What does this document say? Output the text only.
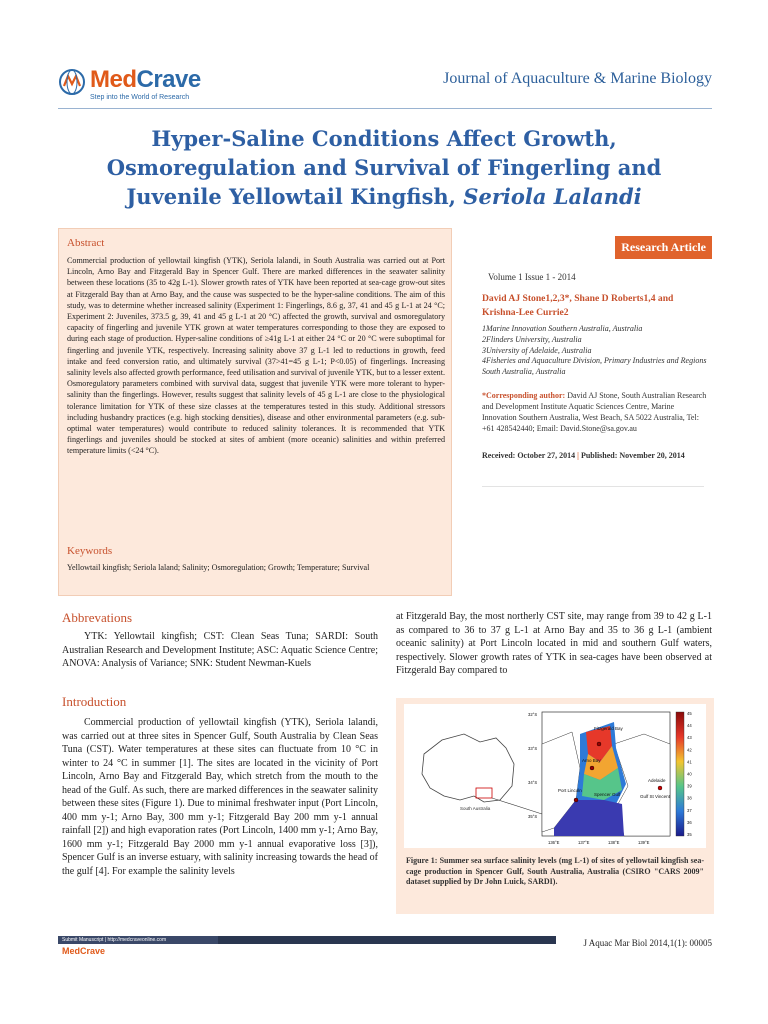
MedCrave
Step into the World of Research
Journal of Aquaculture & Marine Biology
Hyper-Saline Conditions Affect Growth, Osmoregulation and Survival of Fingerling and Juvenile Yellowtail Kingfish, Seriola Lalandi
Abstract
Commercial production of yellowtail kingfish (YTK), Seriola lalandi, in South Australia was carried out at Port Lincoln, Arno Bay and Fitzgerald Bay in Spencer Gulf. There are marked differences in the seawater salinity between these locations (35 to 42g L-1). Slower growth rates of YTK have been reported at sea-cage grow-out sites at Fitzgerald Bay than at Arno Bay, and the cause was suspected to be the hyper-saline conditions. The aim of this study, was to determine whether increased salinity (Experiment 1: Fingerlings, 8.6 g, 37, 41 and 45 g L-1 at 24 °C; Experiment 2: Juveniles, 373.5 g, 39, 41 and 45 g L-1 at 20 °C) affected the growth, survival and osmoregulatory capacity of fingerling and juvenile YTK grown at water temperatures corresponding to those they are exposed to during each stage of production. Hyper-saline conditions of ≥41g L-1 at either 24 °C or 20 °C were suboptimal for fingerling and juvenile YTK, respectively. Increasing salinity above 37 g L-1 led to reductions in growth, feed intake and feed conversion ratio, and ultimately survival (37>41=45 g L-1; P<0.05) of fingerlings. Increasing salinity levels also affected growth performance, feed utilisation and survival of juvenile YTK, but to a lesser extent. Osmoregulatory parameters combined with survival data, suggest that juvenile YTK were more tolerant to hyper-salinity than the fingerlings. However, results suggest that salinity levels of 45 g L-1 are close to the physiological tolerance limitation for YTK of these size classes at the temperatures tested in this study. Additional stressors including husbandry practices (e.g. high stocking densities), disease and other environmental parameters (e.g. sub-optimal water temperatures) would contribute to reduced salinity tolerances. It is recommended that YTK fingerlings and juveniles should be stocked at sites of ambient (more oceanic) salinities and within preferred temperature limits (<24 °C).
Keywords
Yellowtail kingfish; Seriola laland; Salinity; Osmoregulation; Growth; Temperature; Survival
Research Article
Volume 1 Issue 1 - 2014
David AJ Stone1,2,3*, Shane D Roberts1,4 and Krishna-Lee Currie2
1Marine Innovation Southern Australia, Australia
2Flinders University, Australia
3University of Adelaide, Australia
4Fisheries and Aquaculture Division, Primary Industries and Regions South Australia, Australia
*Corresponding author: David AJ Stone, South Australian Research and Development Institute Aquatic Sciences Centre, Marine Innovation Southern Australia, West Beach, SA 5022 Australia, Tel: +61 428542440; Email: David.Stone@sa.gov.au
Received: October 27, 2014 | Published: November 20, 2014
Abbrevations
YTK: Yellowtail kingfish; CST: Clean Seas Tuna; SARDI: South Australian Research and Development Institute; ASC: Aquatic Science Centre; ANOVA: Analysis of Variance; SNK: Student Newman-Kuels
Introduction
Commercial production of yellowtail kingfish (YTK), Seriola lalandi, was carried out at three sites in Spencer Gulf, South Australia by Clean Seas Tuna (CST). Water temperatures at these sites can fluctuate from 10 °C in winter to 24 °C in summer [1]. The sites are located in the vicinity of Port Lincoln, Arno Bay and Fitzgerald Bay, which stretch from the mouth to the head of the Gulf. As such, there are marked differences in the seawater salinity between these sites (Figure 1). Due to minimal freshwater input (Port Lincoln, 400 mm y-1; Arno Bay, 300 mm y-1; Fitzgerald Bay 200 mm y-1 annual rainfall [2]) and high evaporation rates (Port Lincoln, 1400 mm y-1; Arno Bay, 1600 mm y-1; Fitzgerald Bay 2000 mm y-1 annual evaporative loss [3]), Spencer Gulf is an inverse estuary, with salinity increasing towards the head of the gulf [4]. For example the salinity levels
at Fitzgerald Bay, the most northerly CST site, may range from 39 to 42 g L-1 as compared to 36 to 37 g L-1 at Arno Bay and 35 to 36 g L-1 (ambient oceanic salinity) at Port Lincoln located in mid and southern Gulf waters, respectively. Slower growth rates of YTK in sea-cages have been observed at Fitzgerald Bay compared to
South Australia
Fitzgerald Bay
Arno Bay
Port Lincoln
Spencer Gulf
Adelaide
Gulf St Vincent
32°S
33°S
34°S
35°S
136°E	137°E	138°E	139°E
45
44
43
42
41
40
39
38
37
36
35
Figure 1: Summer sea surface salinity levels (mg L-1) of sites of yellowtail kingfish sea-cage production in Spencer Gulf, South Australia, Australia (CSIRO "CARS 2009" dataset supplied by Dr John Luick, SARDI).
Submit Manuscript | http://medcraveonline.com
MedCrave
J Aquac Mar Biol 2014,1(1): 00005
